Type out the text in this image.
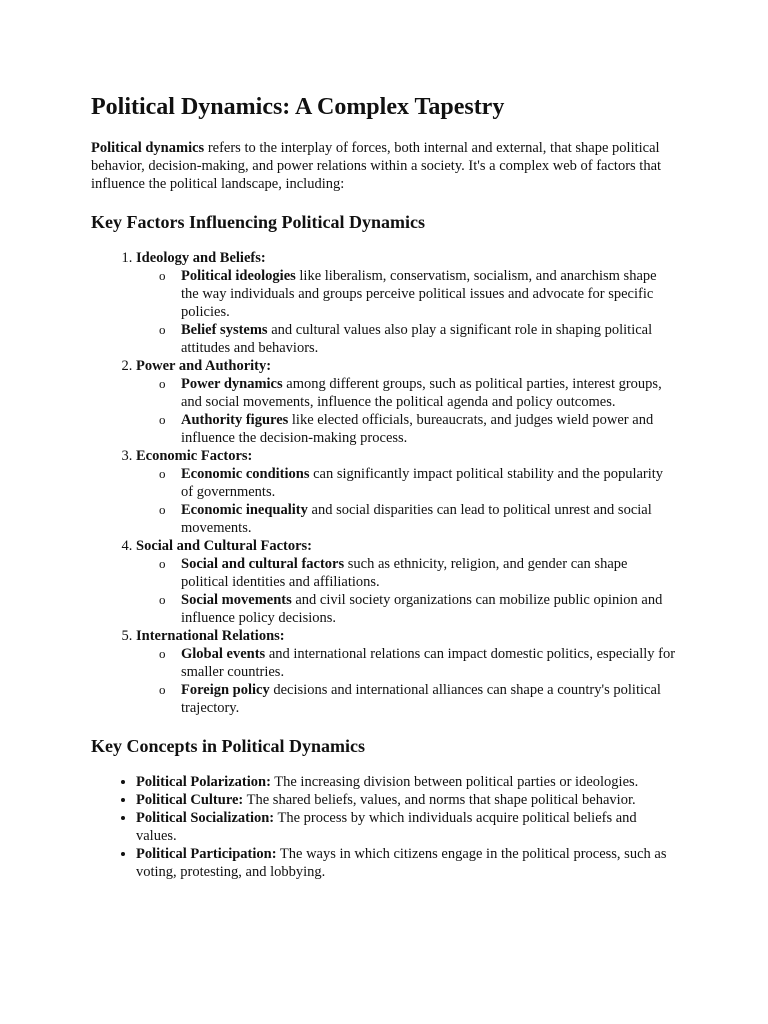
Political Dynamics: A Complex Tapestry

Political dynamics refers to the interplay of forces, both internal and external, that shape political behavior, decision-making, and power relations within a society. It's a complex web of factors that influence the political landscape, including:

Key Factors Influencing Political Dynamics
1. Ideology and Beliefs:
o Political ideologies like liberalism, conservatism, socialism, and anarchism shape the way individuals and groups perceive political issues and advocate for specific policies.
o Belief systems and cultural values also play a significant role in shaping political attitudes and behaviors.
2. Power and Authority:
o Power dynamics among different groups, such as political parties, interest groups, and social movements, influence the political agenda and policy outcomes.
o Authority figures like elected officials, bureaucrats, and judges wield power and influence the decision-making process.
3. Economic Factors:
o Economic conditions can significantly impact political stability and the popularity of governments.
o Economic inequality and social disparities can lead to political unrest and social movements.
4. Social and Cultural Factors:
o Social and cultural factors such as ethnicity, religion, and gender can shape political identities and affiliations.
o Social movements and civil society organizations can mobilize public opinion and influence policy decisions.
5. International Relations:
o Global events and international relations can impact domestic politics, especially for smaller countries.
o Foreign policy decisions and international alliances can shape a country's political trajectory.
Key Concepts in Political Dynamics
• Political Polarization: The increasing division between political parties or ideologies.
• Political Culture: The shared beliefs, values, and norms that shape political behavior.
• Political Socialization: The process by which individuals acquire political beliefs and values.
• Political Participation: The ways in which citizens engage in the political process, such as voting, protesting, and lobbying.
